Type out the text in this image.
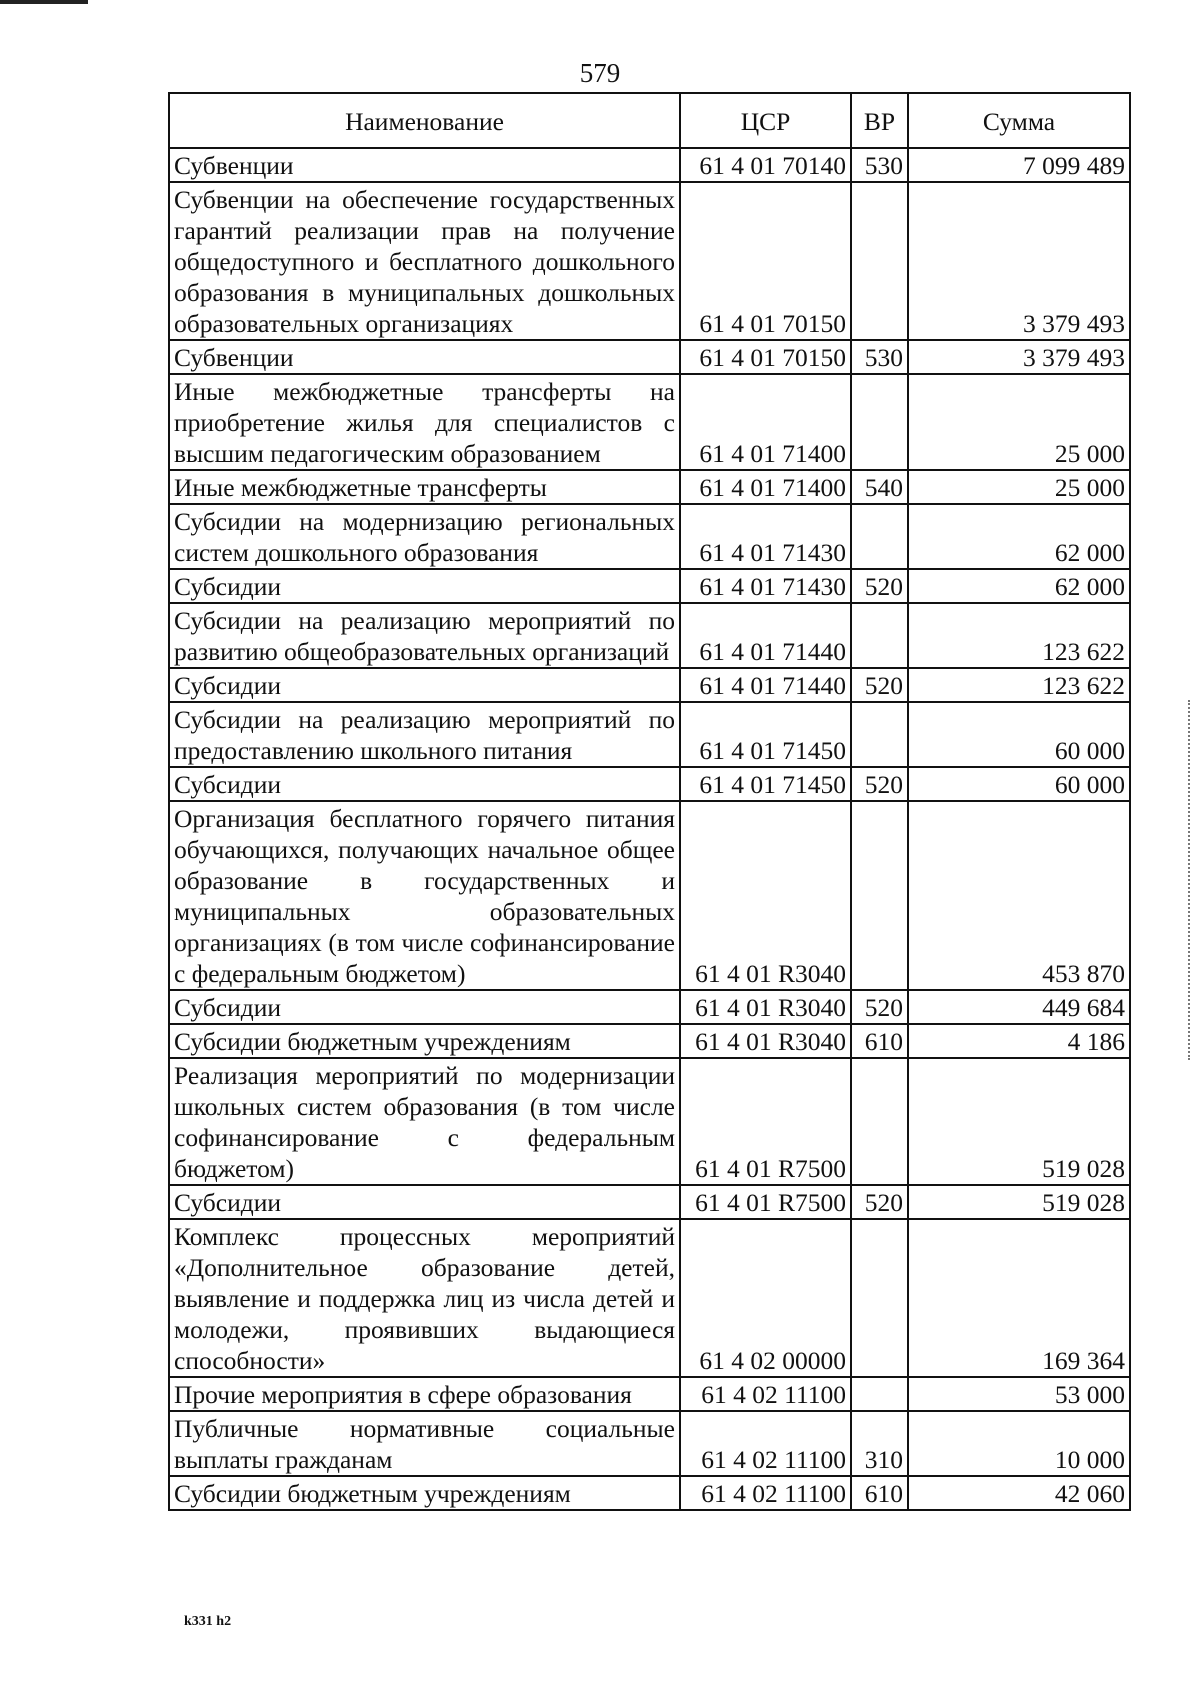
579
Наименование	ЦСР	ВР	Сумма
Субвенции	61 4 01 70140	530	7 099 489
Субвенции на обеспечение государственных гарантий реализации прав на получение общедоступного и бесплатного дошкольного образования в муниципальных дошкольных образовательных организациях	61 4 01 70150		3 379 493
Субвенции	61 4 01 70150	530	3 379 493
Иные межбюджетные трансферты на приобретение жилья для специалистов с высшим педагогическим образованием	61 4 01 71400		25 000
Иные межбюджетные трансферты	61 4 01 71400	540	25 000
Субсидии на модернизацию региональных систем дошкольного образования	61 4 01 71430		62 000
Субсидии	61 4 01 71430	520	62 000
Субсидии на реализацию мероприятий по развитию общеобразовательных организаций	61 4 01 71440		123 622
Субсидии	61 4 01 71440	520	123 622
Субсидии на реализацию мероприятий по предоставлению школьного питания	61 4 01 71450		60 000
Субсидии	61 4 01 71450	520	60 000
Организация бесплатного горячего питания обучающихся, получающих начальное общее образование в государственных и муниципальных образовательных организациях (в том числе софинансирование с федеральным бюджетом)	61 4 01 R3040		453 870
Субсидии	61 4 01 R3040	520	449 684
Субсидии бюджетным учреждениям	61 4 01 R3040	610	4 186
Реализация мероприятий по модернизации школьных систем образования (в том числе софинансирование с федеральным бюджетом)	61 4 01 R7500		519 028
Субсидии	61 4 01 R7500	520	519 028
Комплекс процессных мероприятий «Дополнительное образование детей, выявление и поддержка лиц из числа детей и молодежи, проявивших выдающиеся способности»	61 4 02 00000		169 364
Прочие мероприятия в сфере образования	61 4 02 11100		53 000
Публичные нормативные социальные выплаты гражданам	61 4 02 11100	310	10 000
Субсидии бюджетным учреждениям	61 4 02 11100	610	42 060
k331 h2
